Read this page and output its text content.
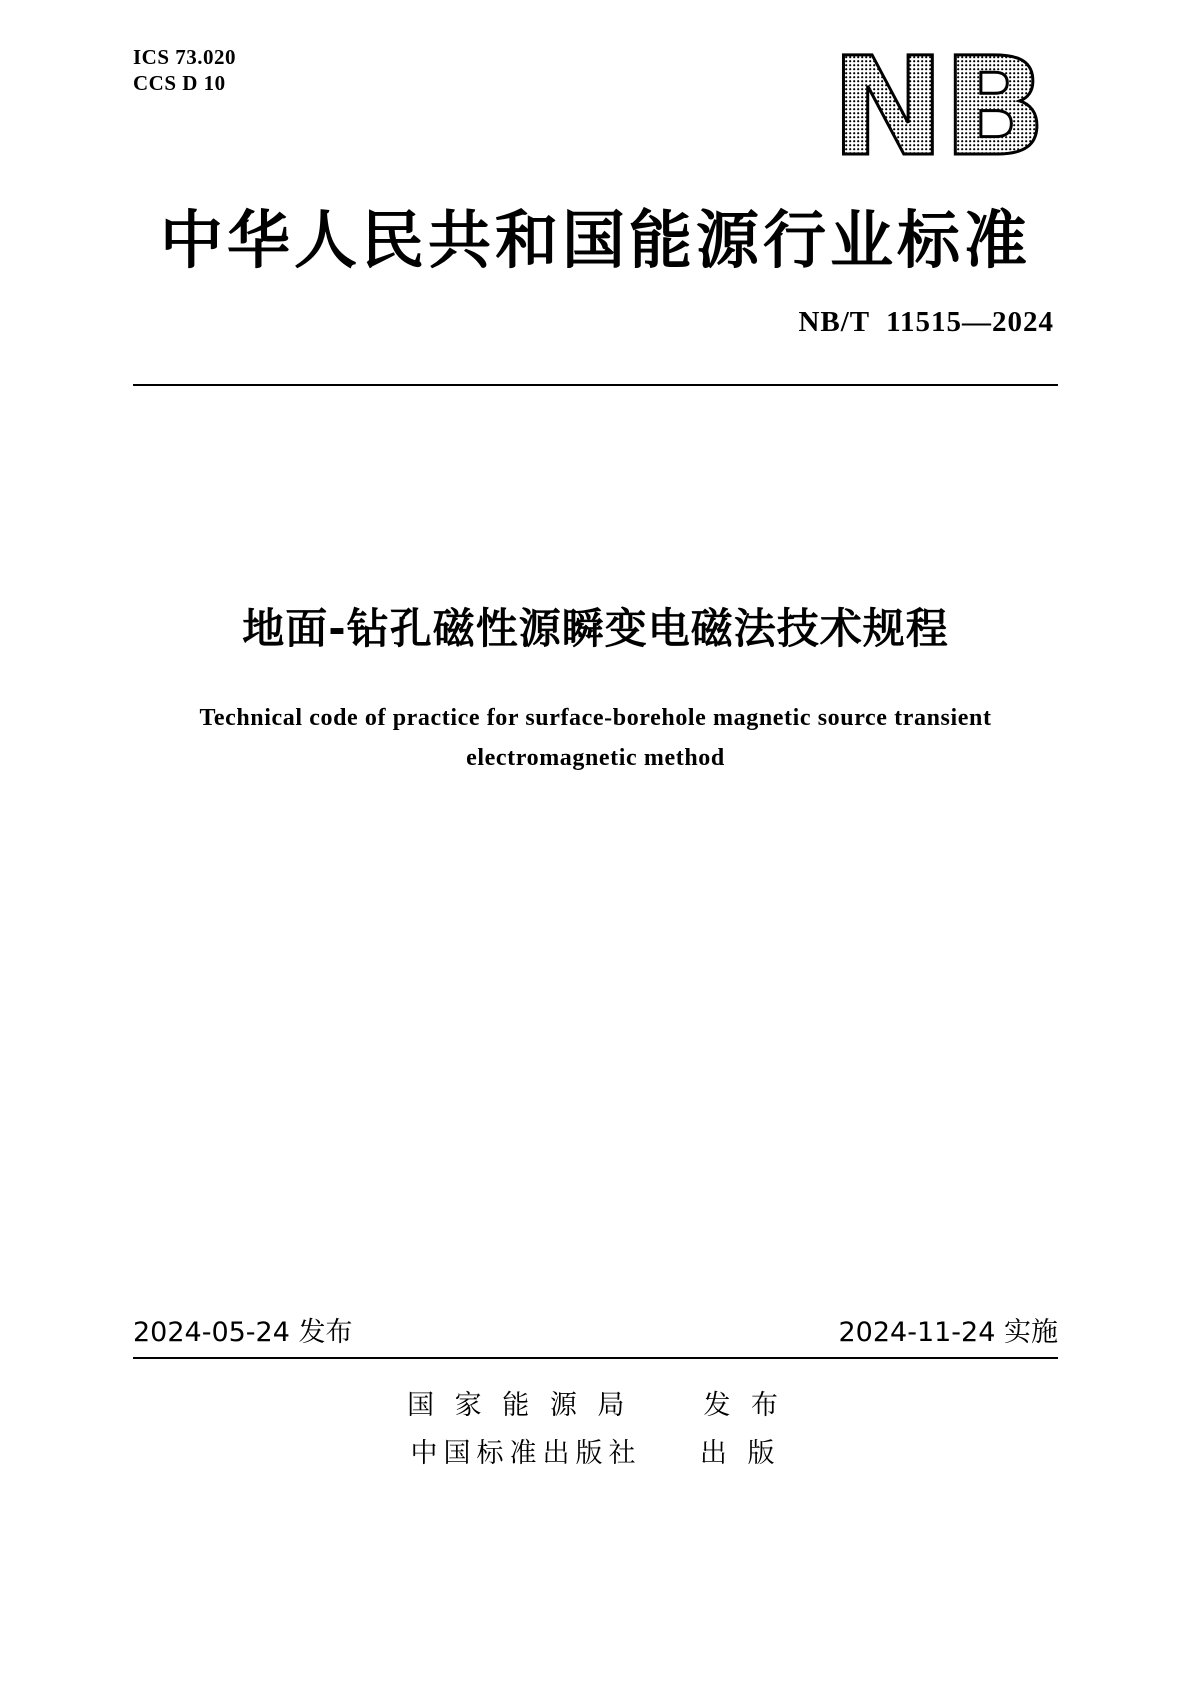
ICS 73.020
CCS D 10	NB
中华人民共和国能源行业标准
NB/T  11515—2024
地面-钻孔磁性源瞬变电磁法技术规程
Technical code of practice for surface-borehole magnetic source transient
electromagnetic method
2024-05-24 发布	2024-11-24 实施
国 家 能 源 局     发 布
中国标准出版社    出 版
